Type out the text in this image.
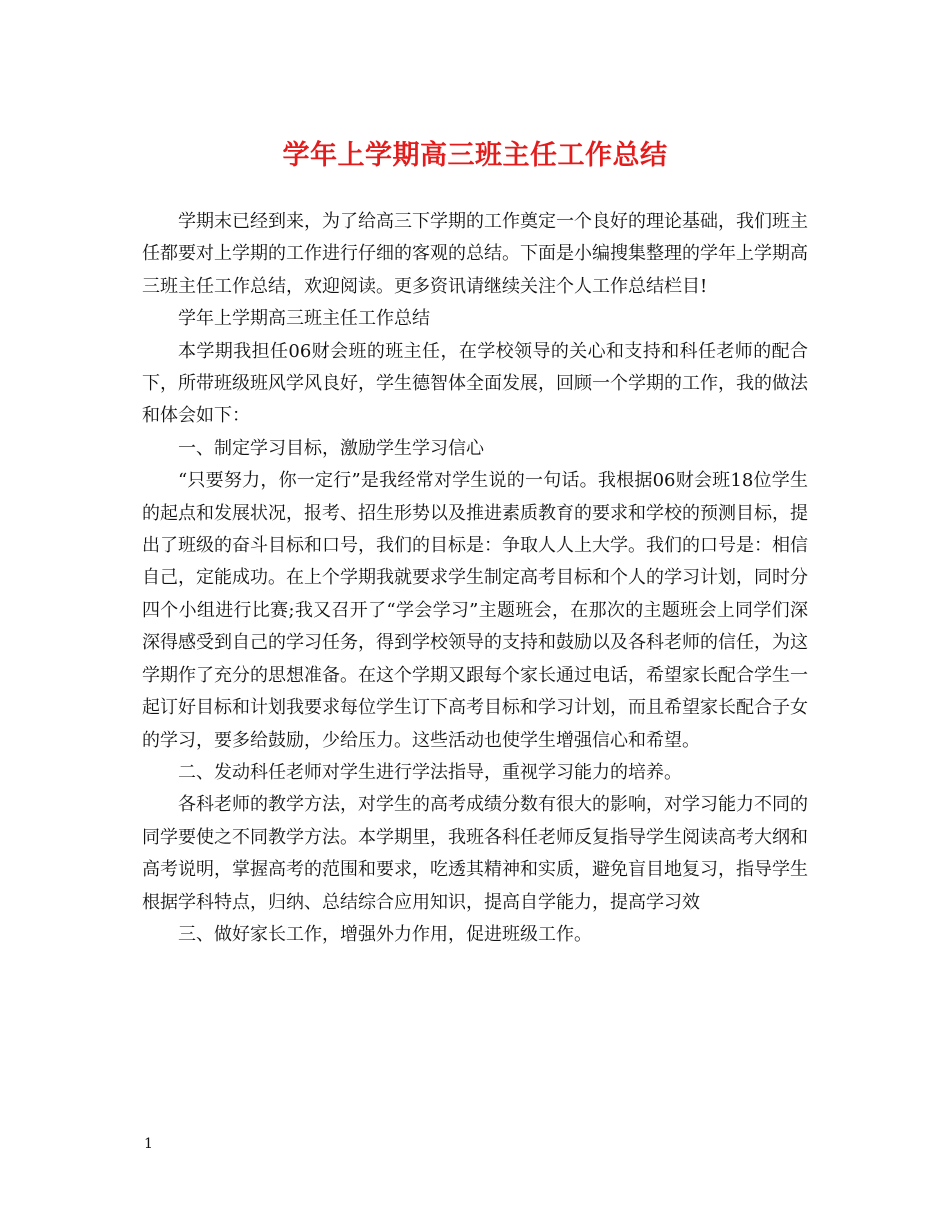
学年上学期高三班主任工作总结

学期末已经到来，为了给高三下学期的工作奠定一个良好的理论基础，我们班主任都要对上学期的工作进行仔细的客观的总结。下面是小编搜集整理的学年上学期高三班主任工作总结，欢迎阅读。更多资讯请继续关注个人工作总结栏目!

学年上学期高三班主任工作总结

本学期我担任06财会班的班主任，在学校领导的关心和支持和科任老师的配合下，所带班级班风学风良好，学生德智体全面发展，回顾一个学期的工作，我的做法和体会如下：

一、制定学习目标，激励学生学习信心

“只要努力，你一定行”是我经常对学生说的一句话。我根据06财会班18位学生的起点和发展状况，报考、招生形势以及推进素质教育的要求和学校的预测目标，提出了班级的奋斗目标和口号，我们的目标是：争取人人上大学。我们的口号是：相信自己，定能成功。在上个学期我就要求学生制定高考目标和个人的学习计划，同时分四个小组进行比赛;我又召开了“学会学习”主题班会，在那次的主题班会上同学们深深得感受到自己的学习任务，得到学校领导的支持和鼓励以及各科老师的信任，为这学期作了充分的思想准备。在这个学期又跟每个家长通过电话，希望家长配合学生一起订好目标和计划我要求每位学生订下高考目标和学习计划，而且希望家长配合子女的学习，要多给鼓励，少给压力。这些活动也使学生增强信心和希望。

二、发动科任老师对学生进行学法指导，重视学习能力的培养。

各科老师的教学方法，对学生的高考成绩分数有很大的影响，对学习能力不同的同学要使之不同教学方法。本学期里，我班各科任老师反复指导学生阅读高考大纲和高考说明，掌握高考的范围和要求，吃透其精神和实质，避免盲目地复习，指导学生根据学科特点，归纳、总结综合应用知识，提高自学能力，提高学习效

三、做好家长工作，增强外力作用，促进班级工作。

1
